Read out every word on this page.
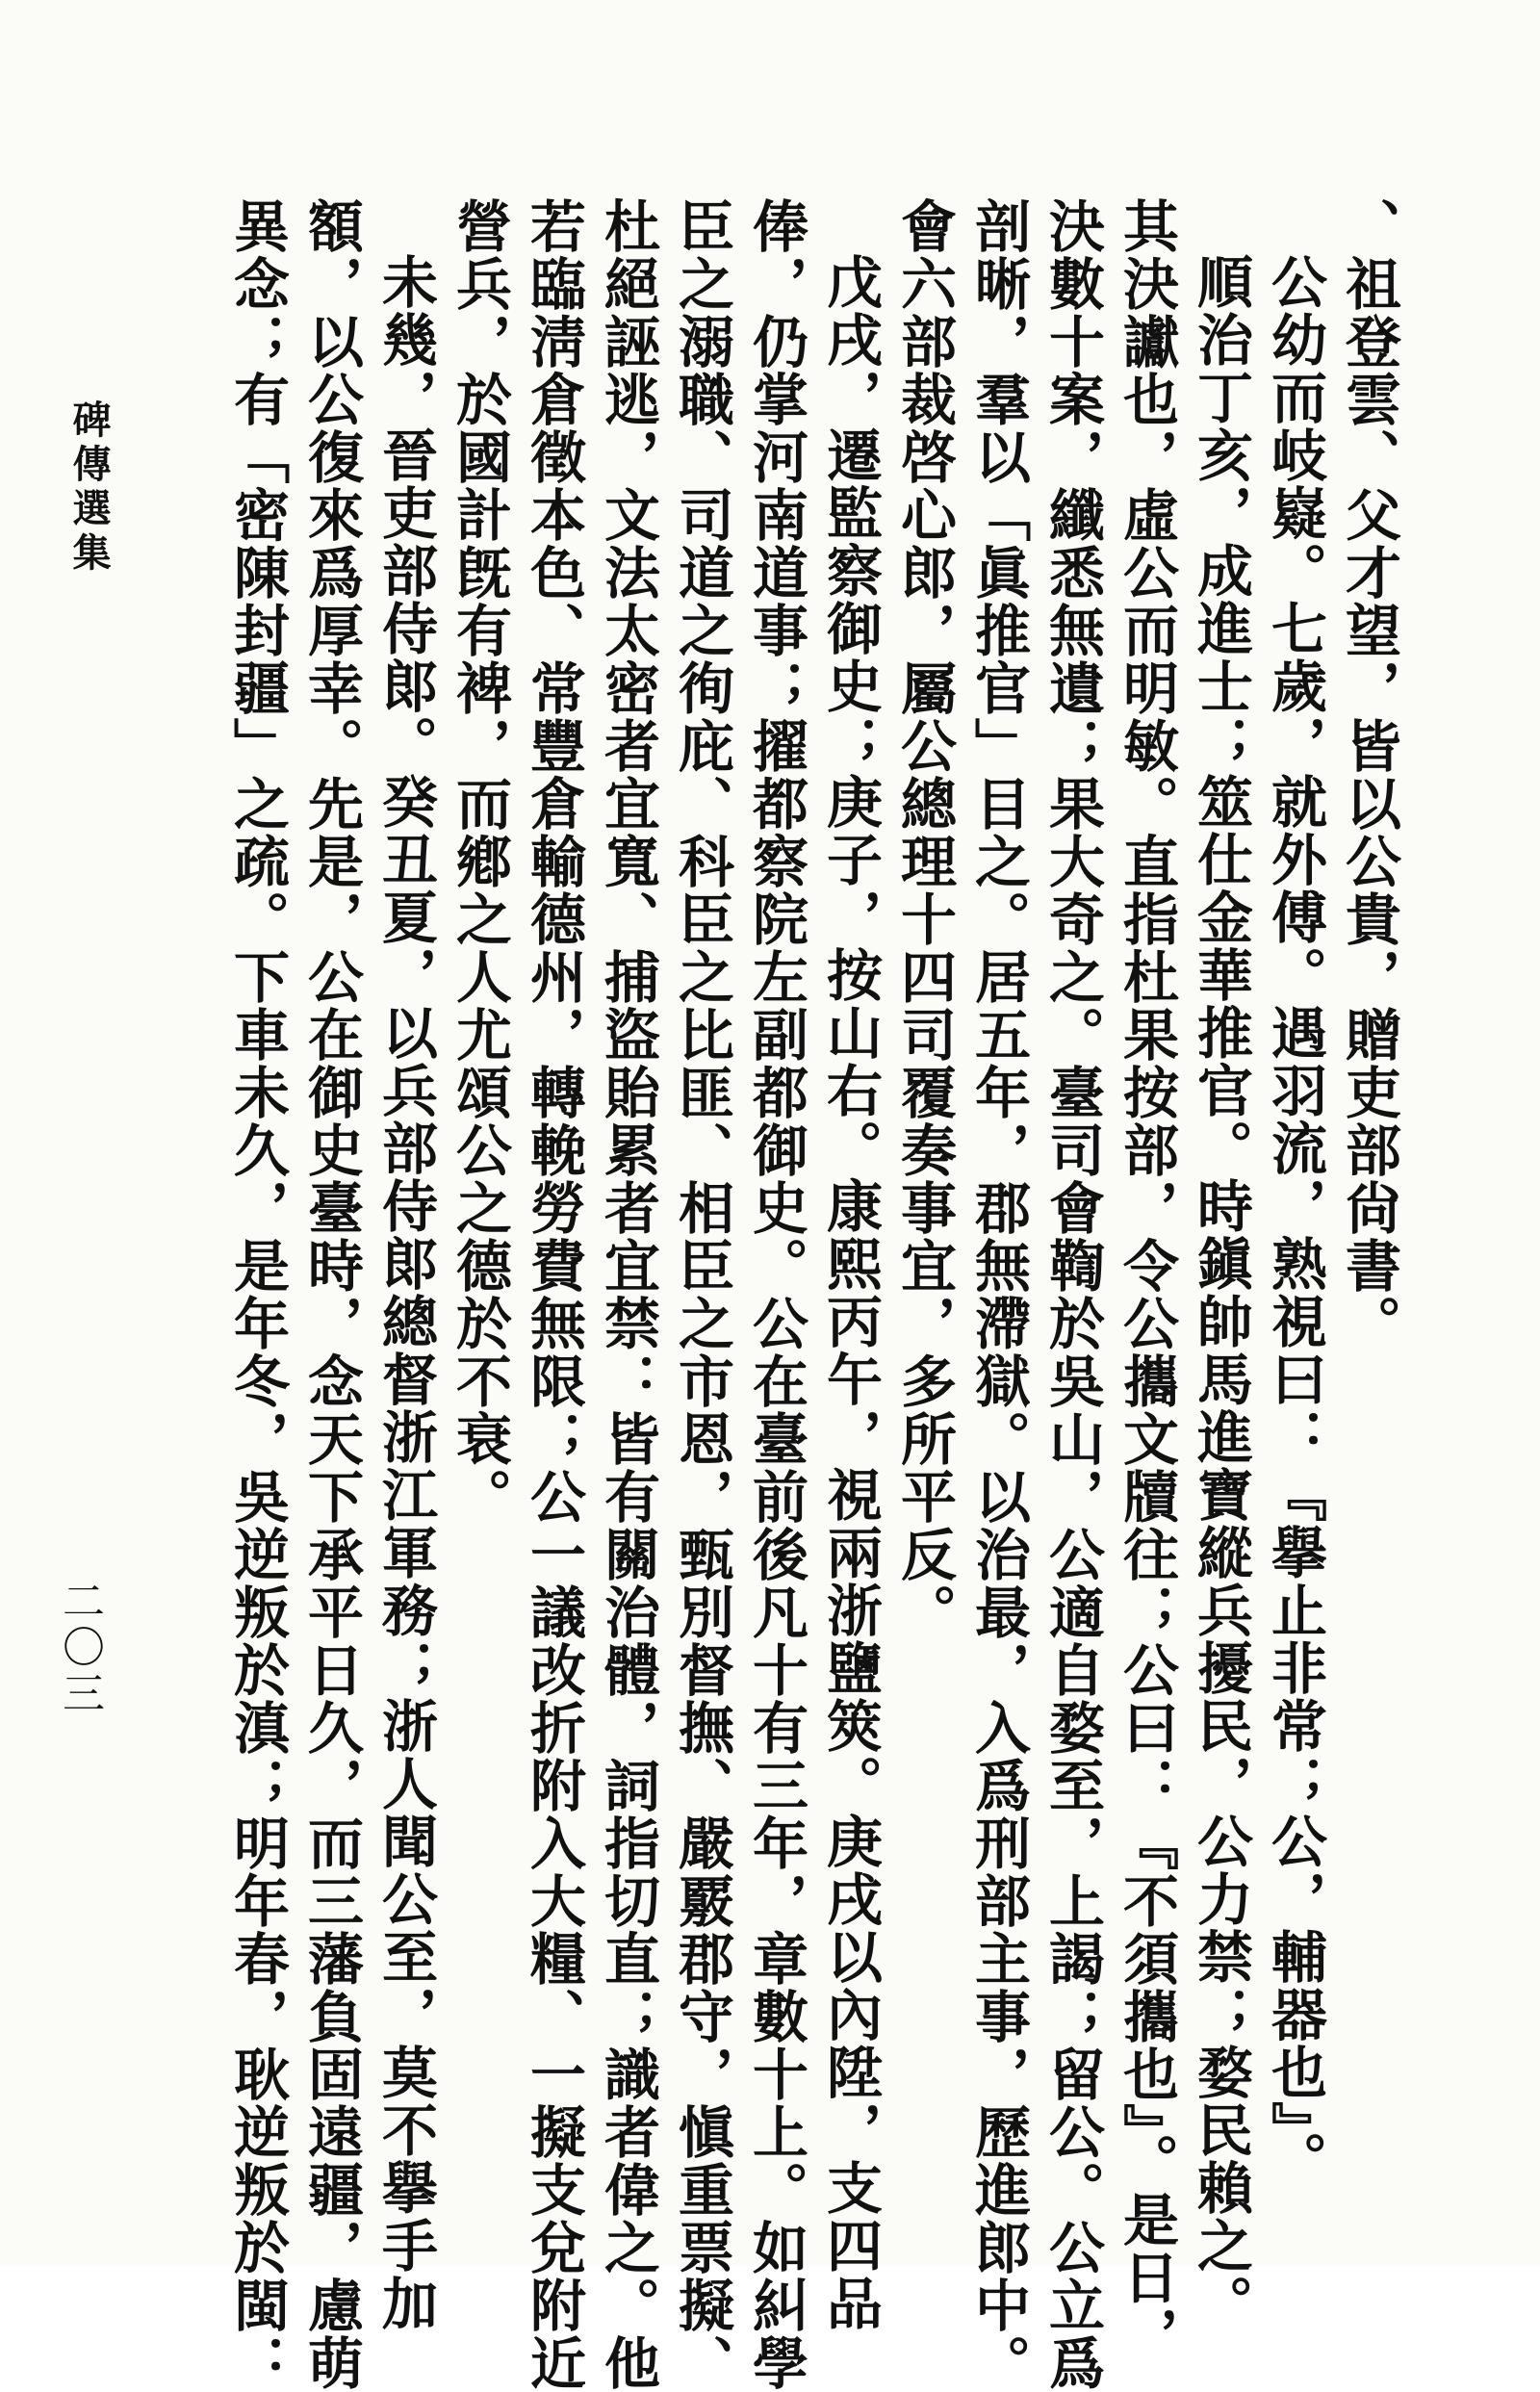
、祖登雲、父才望，皆以公貴，贈吏部尙書。

公幼而岐嶷。七歲，就外傅。遇羽流，熟視曰：『擧止非常；公，輔器也』。

順治丁亥，成進士；筮仕金華推官。時鎭帥馬進寶縱兵擾民，公力禁；婺民賴之。

其決讞也，虛公而明敏。直指杜果按部，令公攜文牘往；公曰：『不須攜也』。是日，

決數十案，纖悉無遺；果大奇之。臺司會鞫於吳山，公適自婺至，上謁；留公。公立爲

剖晰，羣以「眞推官」目之。居五年，郡無滯獄。以治最，入爲刑部主事，歷進郎中。

會六部裁啓心郎，屬公總理十四司覆奏事宜，多所平反。

戊戌，遷監察御史；庚子，按山右。康熙丙午，視兩浙鹽筴。庚戌以內陞，支四品

俸，仍掌河南道事；擢都察院左副都御史。公在臺前後凡十有三年，章數十上。如糾學

臣之溺職、司道之徇庇、科臣之比匪、相臣之市恩，甄別督撫、嚴覈郡守，愼重票擬、

杜絕誣逃，文法太密者宜寬、捕盜貽累者宜禁：皆有關治體，詞指切直；識者偉之。他

若臨淸倉徵本色、常豐倉輸德州，轉輓勞費無限；公一議改折附入大糧、一擬支兌附近

營兵，於國計旣有裨，而鄕之人尤頌公之德於不衰。

未幾，晉吏部侍郞。癸丑夏，以兵部侍郞總督浙江軍務；浙人聞公至，莫不擧手加

額，以公復來爲厚幸。先是，公在御史臺時，念天下承平日久，而三藩負固遠疆，慮萌

異念；有「密陳封疆」之疏。下車未久，是年冬，吳逆叛於滇；明年春，耿逆叛於閩：

碑傳選集
二〇三
